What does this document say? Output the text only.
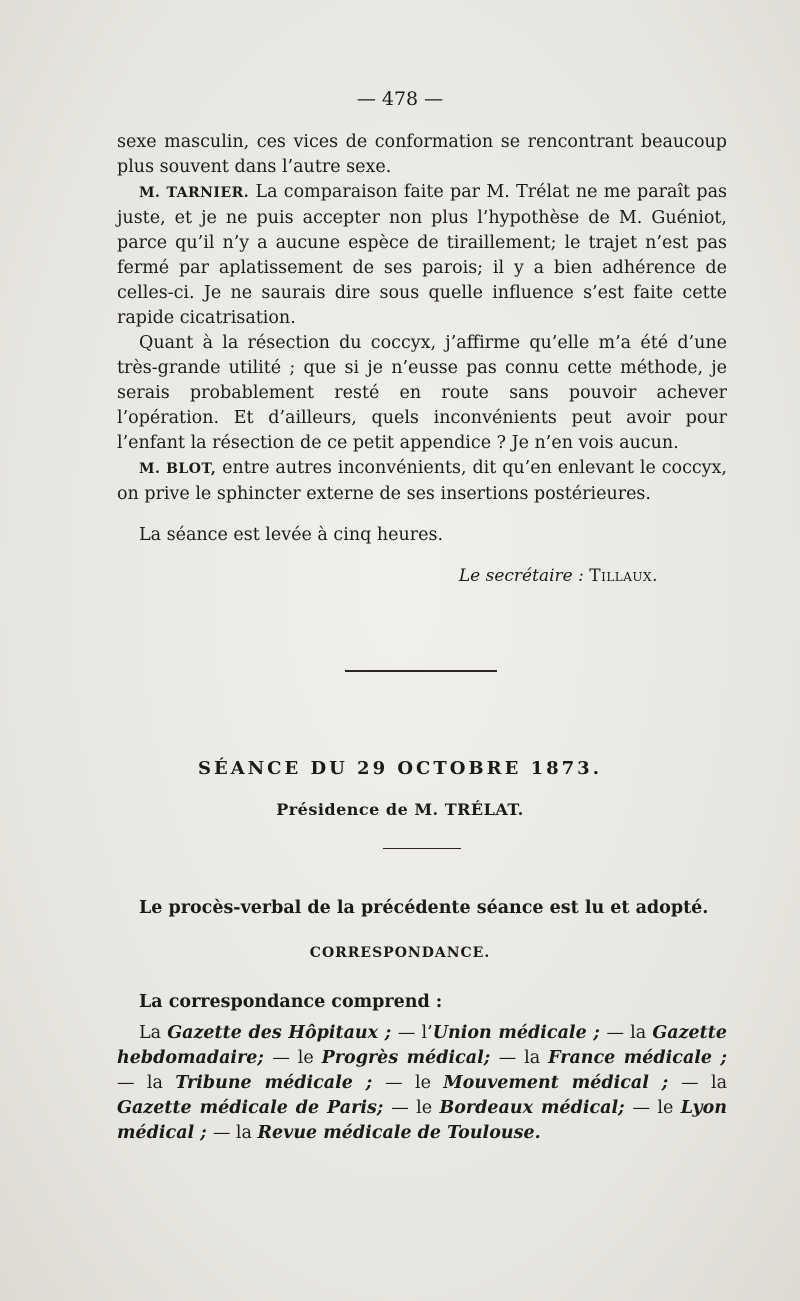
— 478 —

sexe masculin, ces vices de conformation se rencontrant beaucoup plus souvent dans l’autre sexe.

M. TARNIER. La comparaison faite par M. Trélat ne me paraît pas juste, et je ne puis accepter non plus l’hypothèse de M. Guéniot, parce qu’il n’y a aucune espèce de tiraillement; le trajet n’est pas fermé par aplatissement de ses parois; il y a bien adhérence de celles-ci. Je ne saurais dire sous quelle influence s’est faite cette rapide cicatrisation.

Quant à la résection du coccyx, j’affirme qu’elle m’a été d’une très-grande utilité ; que si je n’eusse pas connu cette méthode, je serais probablement resté en route sans pouvoir achever l’opération. Et d’ailleurs, quels inconvénients peut avoir pour l’enfant la résection de ce petit appendice ? Je n’en vois aucun.

M. BLOT, entre autres inconvénients, dit qu’en enlevant le coccyx, on prive le sphincter externe de ses insertions postérieures.

La séance est levée à cinq heures.

Le secrétaire : Tillaux.
SÉANCE DU 29 OCTOBRE 1873.
Présidence de M. TRÉLAT.

Le procès-verbal de la précédente séance est lu et adopté.

CORRESPONDANCE.

La correspondance comprend :

La Gazette des Hôpitaux ; — l’Union médicale ; — la Gazette hebdomadaire; — le Progrès médical; — la France médicale ; — la Tribune médicale ; — le Mouvement médical ; — la Gazette médicale de Paris; — le Bordeaux médical; — le Lyon médical ; — la Revue médicale de Toulouse.
